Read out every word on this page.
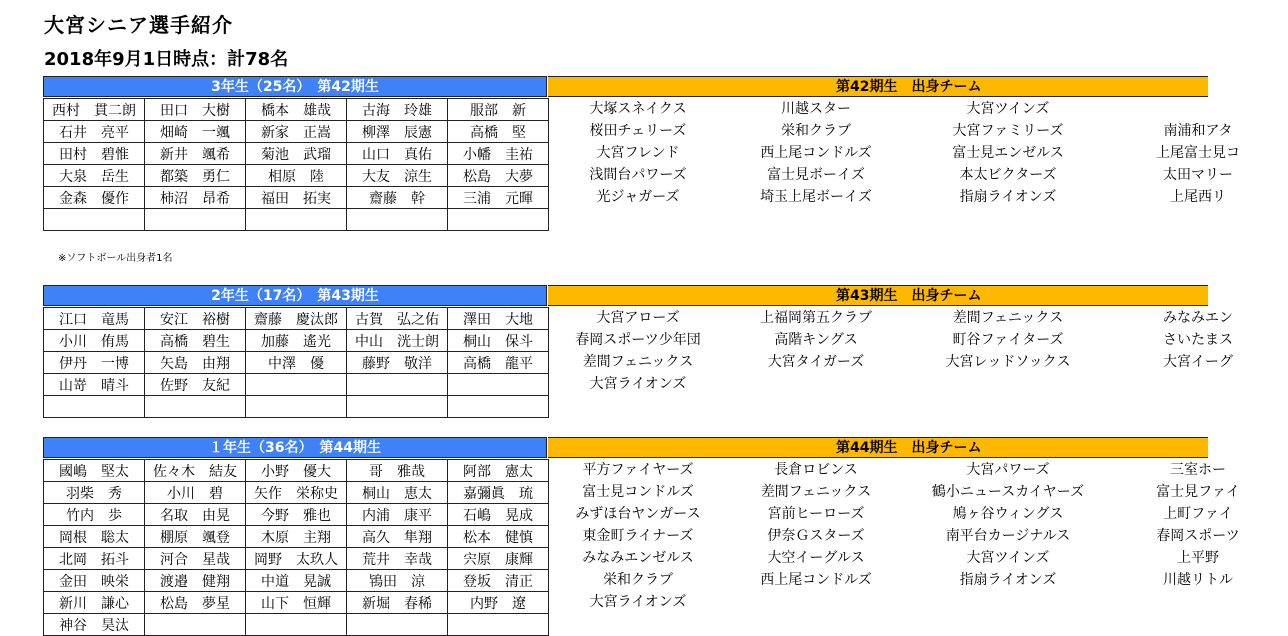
大宮シニア選手紹介
2018年9月1日時点：計78名
3年生（25名）　第42期生	第42期生　出身チーム
西村　貫二朗	田口　大樹	橋本　雄哉	古海　玲雄	服部　新
石井　亮平	畑崎　一颯	新家　正嵩	柳澤　辰憲	高橋　堅
田村　碧惟	新井　颯希	菊池　武瑠	山口　真佑	小幡　圭祐
大泉　岳生	都築　勇仁	相原　陸	大友　涼生	松島　大夢
金森　優作	柿沼　昂希	福田　拓実	齋藤　幹	三浦　元暉

大塚スネイクス	川越スター	大宮ツインズ
桜田チェリーズ	栄和クラブ	大宮ファミリーズ	南浦和アタ
大宮フレンド	西上尾コンドルズ	富士見エンゼルス	上尾富士見コ
浅間台パワーズ	富士見ボーイズ	本太ビクターズ	太田マリー
光ジャガーズ	埼玉上尾ボーイズ	指扇ライオンズ	上尾西リ
※ソフトボール出身者1名
2年生（17名）　第43期生	第43期生　出身チーム
江口　竜馬	安江　裕樹	齋藤　慶汰郎	古賀　弘之佑	澤田　大地
小川　侑馬	高橋　碧生	加藤　遙光	中山　洸士朗	桐山　保斗
伊丹　一博	矢島　由翔	中澤　優	藤野　敬洋	高橋　龍平
山嵜　晴斗	佐野　友紀			

大宮アローズ	上福岡第五クラブ	差間フェニックス	みなみエン
春岡スポーツ少年団	高階キングス	町谷ファイターズ	さいたまス
差間フェニックス	大宮タイガーズ	大宮レッドソックス	大宮イーグ
大宮ライオンズ
１年生（36名）　第44期生	第44期生　出身チーム
國嶋　堅太	佐々木　結友	小野　優大	哥　雅哉	阿部　憲太
羽柴　秀	小川　碧	矢作　栄称史	桐山　恵太	嘉彌眞　琉
竹内　歩	名取　由晃	今野　雅也	内浦　康平	石嶋　晃成
岡根　聡太	棚原　颯登	木原　主翔	高久　隼翔	松本　健慎
北岡　拓斗	河合　星哉	岡野　太玖人	荒井　幸哉	宍原　康輝
金田　映栄	渡邉　健翔	中道　晃誠	鴇田　涼	登坂　清正
新川　謙心	松島　夢星	山下　恒輝	新堀　春稀	内野　遼
神谷　昊汰				
平方ファイヤーズ	長倉ロビンス	大宮パワーズ	三室ホー
富士見コンドルズ	差間フェニックス	鶴小ニュースカイヤーズ	富士見ファイ
みずほ台ヤンガース	宮前ヒーローズ	鳩ヶ谷ウィングス	上町ファイ
東金町ライナーズ	伊奈Ｇスターズ	南平台カージナルス	春岡スポーツ
みなみエンゼルス	大空イーグルス	大宮ツインズ	上平野
栄和クラブ	西上尾コンドルズ	指扇ライオンズ	川越リトル
大宮ライオンズ
